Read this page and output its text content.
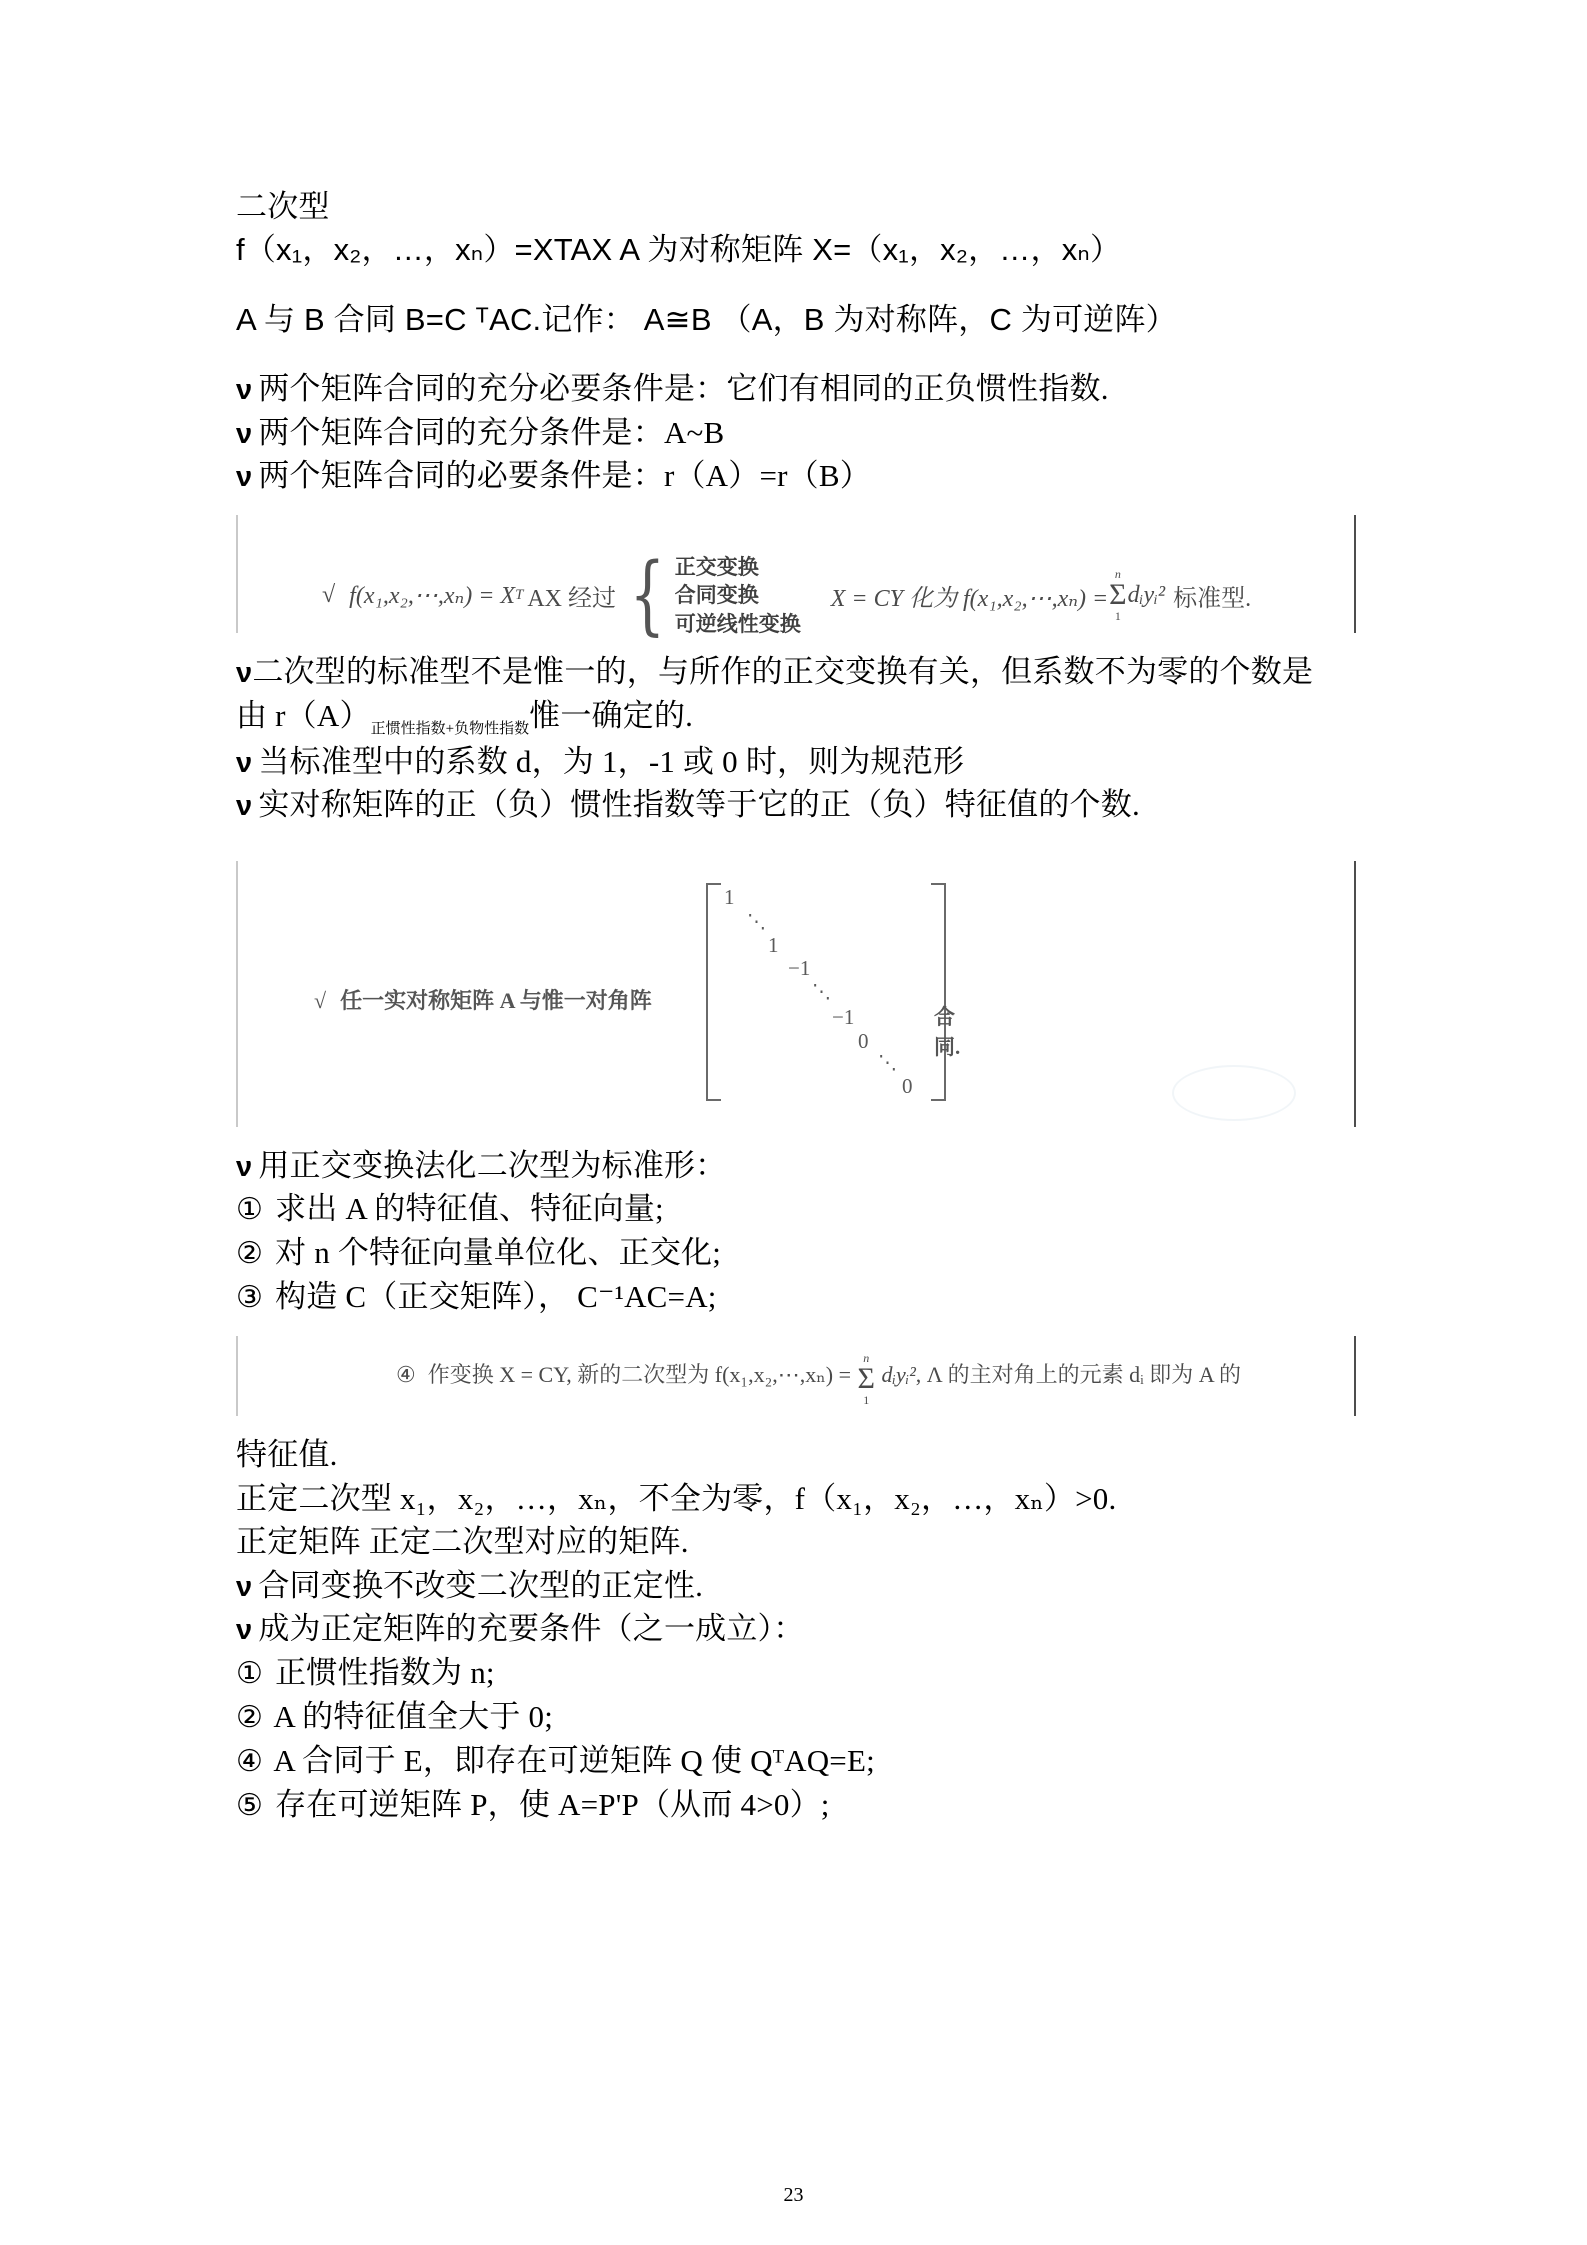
二次型
f（x₁，x₂，…，xₙ）=XTAX A 为对称矩阵 X=（x₁，x₂，…，xₙ）
A 与 B 合同 B=C ᵀAC.记作： A≅B （A，B 为对称阵，C 为可逆阵）
ν 两个矩阵合同的充分必要条件是：它们有相同的正负惯性指数.
ν 两个矩阵合同的充分条件是：A~B
ν 两个矩阵合同的必要条件是：r（A）=r（B）
√ f(x₁,x₂,⋯,xₙ) = X T AX 经过 { 正交变换
合同变换
可逆线性变换
X = CY 化为 f(x₁,x₂,⋯,xₙ) =
n
Σ
1
dᵢyᵢ² 标准型.
ν二次型的标准型不是惟一的，与所作的正交变换有关，但系数不为零的个数是
由 $r(A)_{正惯性指数+负物性指数}$惟一确定的.
ν 当标准型中的系数 d，为 1，-1 或 0 时，则为规范形
ν 实对称矩阵的正（负）惯性指数等于它的正（负）特征值的个数.
√ 任一实对称矩阵 A 与惟一对角阵
1
⋱
1
−1
⋱
−1
0
⋱
0
合同.
ν 用正交变换法化二次型为标准形：
① 求出 A 的特征值、特征向量;
② 对 n 个特征向量单位化、正交化;
③ 构造 C（正交矩阵）， C⁻¹AC=A;
④ 作变换 X = CY, 新的二次型为 f(x₁,x₂,⋯,xₙ) =
n
Σ
1
dᵢyᵢ², Λ 的主对角上的元素 dᵢ 即为 A 的
特征值.
正定二次型 x₁，x₂，…，xₙ，不全为零，f（x₁，x₂，…，xₙ）>0.
正定矩阵 正定二次型对应的矩阵.
ν 合同变换不改变二次型的正定性.
ν 成为正定矩阵的充要条件（之一成立）：
① 正惯性指数为 n;
② A 的特征值全大于 0;
④ A 合同于 E，即存在可逆矩阵 Q 使 QᵀAQ=E;
⑤ 存在可逆矩阵 P，使 A=P'P（从而 4>0）;
23
